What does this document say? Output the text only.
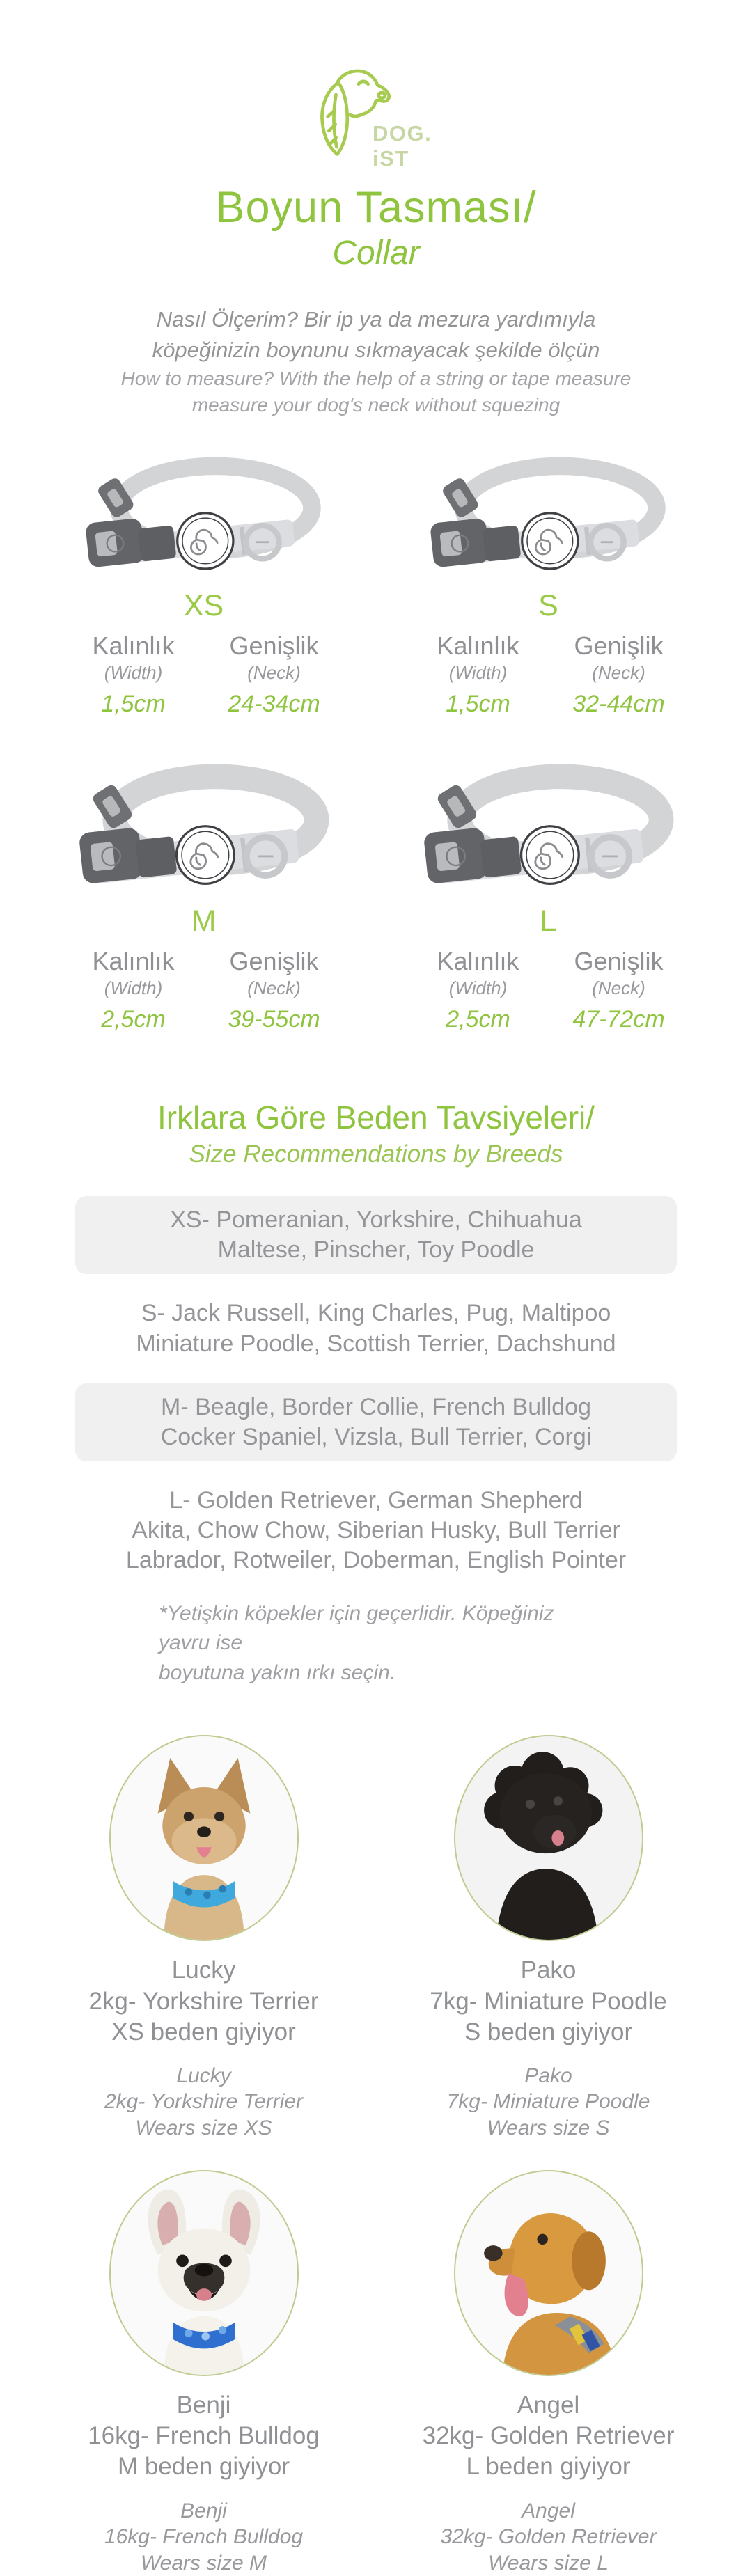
DOG.
iST
Boyun Tasması/
Collar
Nasıl Ölçerim? Bir ip ya da mezura yardımıyla
köpeğinizin boynunu sıkmayacak şekilde ölçün
How to measure? With the help of a string or tape measure
measure your dog's neck without squezing
XS
Kalınlık
(Width)
1,5cm
Genişlik
(Neck)
24-34cm
S
Kalınlık
(Width)
1,5cm
Genişlik
(Neck)
32-44cm
M
Kalınlık
(Width)
2,5cm
Genişlik
(Neck)
39-55cm
L
Kalınlık
(Width)
2,5cm
Genişlik
(Neck)
47-72cm
Irklara Göre Beden Tavsiyeleri/
Size Recommendations by Breeds
XS- Pomeranian, Yorkshire, Chihuahua
Maltese, Pinscher, Toy Poodle
S- Jack Russell, King Charles, Pug, Maltipoo
Miniature Poodle, Scottish Terrier, Dachshund
M- Beagle, Border Collie, French Bulldog
Cocker Spaniel, Vizsla, Bull Terrier, Corgi
L- Golden Retriever, German Shepherd
Akita, Chow Chow, Siberian Husky, Bull Terrier
Labrador, Rotweiler, Doberman, English Pointer
*Yetişkin köpekler için geçerlidir. Köpeğiniz yavru ise
boyutuna yakın ırkı seçin.
Lucky
2kg- Yorkshire Terrier
XS beden giyiyor
Lucky
2kg- Yorkshire Terrier
Wears size XS
Pako
7kg- Miniature Poodle
S beden giyiyor
Pako
7kg- Miniature Poodle
Wears size S
Benji
16kg- French Bulldog
M beden giyiyor
Benji
16kg- French Bulldog
Wears size M
Angel
32kg- Golden Retriever
L beden giyiyor
Angel
32kg- Golden Retriever
Wears size L
